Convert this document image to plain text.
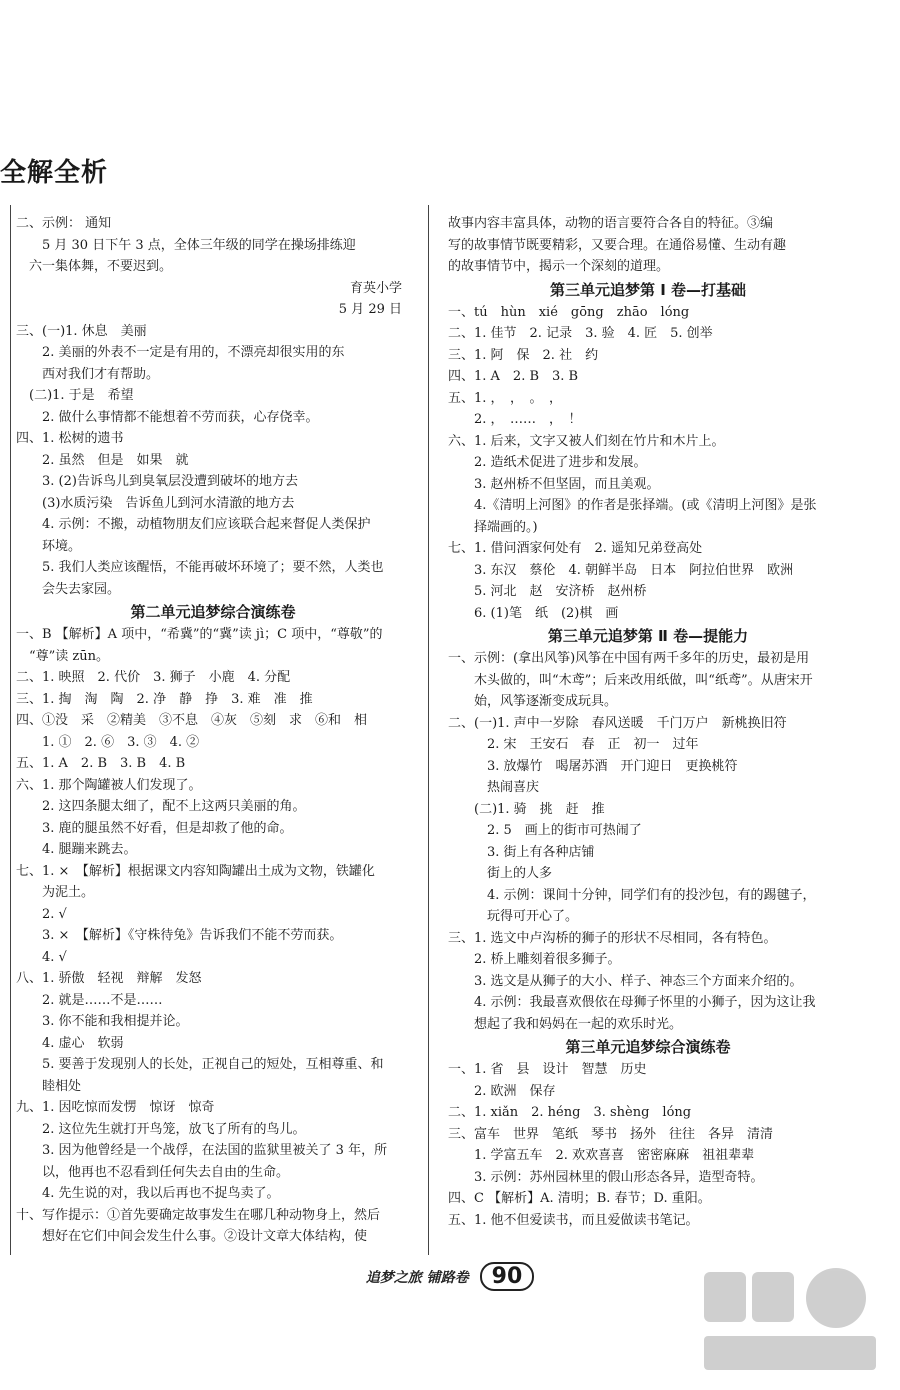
全解全析
二、示例： 通知
　　5 月 30 日下午 3 点，全体三年级的同学在操场排练迎
　六一集体舞，不要迟到。
育英小学
5 月 29 日
三、(一)1. 休息　美丽
　　2. 美丽的外表不一定是有用的，不漂亮却很实用的东
　　西对我们才有帮助。
　(二)1. 于是　希望
　　2. 做什么事情都不能想着不劳而获，心存侥幸。
四、1. 松树的遗书
　　2. 虽然　但是　如果　就
　　3. (2)告诉鸟儿到臭氧层没遭到破坏的地方去
　　(3)水质污染　告诉鱼儿到河水清澈的地方去
　　4. 示例：不搬，动植物朋友们应该联合起来督促人类保护
　　环境。
　　5. 我们人类应该醒悟，不能再破坏环境了；要不然，人类也
　　会失去家园。
第二单元追梦综合演练卷
一、B 【解析】A 项中，“希冀”的“冀”读 jì；C 项中，“尊敬”的
　“尊”读 zūn。
二、1. 映照　2. 代价　3. 狮子　小鹿　4. 分配
三、1. 掏　淘　陶　2. 净　静　挣　3. 难　准　推
四、①没　采　②精美　③不息　④灰　⑤刻　求　⑥和　相
　　1. ①　2. ⑥　3. ③　4. ②
五、1. A　2. B　3. B　4. B
六、1. 那个陶罐被人们发现了。
　　2. 这四条腿太细了，配不上这两只美丽的角。
　　3. 鹿的腿虽然不好看，但是却救了他的命。
　　4. 腿蹦来跳去。
七、1. ×　【解析】根据课文内容知陶罐出土成为文物，铁罐化
　　为泥土。
　　2. √
　　3. ×　【解析】《守株待兔》告诉我们不能不劳而获。
　　4. √
八、1. 骄傲　轻视　辩解　发怒
　　2. 就是……不是……
　　3. 你不能和我相提并论。
　　4. 虚心　软弱
　　5. 要善于发现别人的长处，正视自己的短处，互相尊重、和
　　睦相处
九、1. 因吃惊而发愣　惊讶　惊奇
　　2. 这位先生就打开鸟笼，放飞了所有的鸟儿。
　　3. 因为他曾经是一个战俘，在法国的监狱里被关了 3 年，所
　　以，他再也不忍看到任何失去自由的生命。
　　4. 先生说的对，我以后再也不捉鸟卖了。
十、写作提示：①首先要确定故事发生在哪几种动物身上，然后
　　想好在它们中间会发生什么事。②设计文章大体结构，使
故事内容丰富具体，动物的语言要符合各自的特征。③编
写的故事情节既要精彩，又要合理。在通俗易懂、生动有趣
的故事情节中，揭示一个深刻的道理。
第三单元追梦第 Ⅰ 卷—打基础
一、tú　hùn　xié　gōng　zhāo　lóng
二、1. 佳节　2. 记录　3. 验　4. 匠　5. 创举
三、1. 阿　保　2. 社　约
四、1. A　2. B　3. B
五、1. ，　，　。　，
　　2. ，　……　，　！
六、1. 后来，文字又被人们刻在竹片和木片上。
　　2. 造纸术促进了进步和发展。
　　3. 赵州桥不但坚固，而且美观。
　　4.《清明上河图》的作者是张择端。(或《清明上河图》是张
　　择端画的。)
七、1. 借问酒家何处有　2. 遥知兄弟登高处
　　3. 东汉　蔡伦　4. 朝鲜半岛　日本　阿拉伯世界　欧洲
　　5. 河北　赵　安济桥　赵州桥
　　6. (1)笔　纸　(2)棋　画
第三单元追梦第 Ⅱ 卷—提能力
一、示例：(拿出风筝)风筝在中国有两千多年的历史，最初是用
　　木头做的，叫“木鸢”；后来改用纸做，叫“纸鸢”。从唐宋开
　　始，风筝逐渐变成玩具。
二、(一)1. 声中一岁除　春风送暖　千门万户　新桃换旧符
　　　2. 宋　王安石　春　正　初一　过年
　　　3. 放爆竹　喝屠苏酒　开门迎日　更换桃符
　　　热闹喜庆
　　(二)1. 骑　挑　赶　推
　　　2. 5　画上的街市可热闹了
　　　3. 街上有各种店铺
　　　街上的人多
　　　4. 示例：课间十分钟，同学们有的投沙包，有的踢毽子，
　　　玩得可开心了。
三、1. 选文中卢沟桥的狮子的形状不尽相同，各有特色。
　　2. 桥上雕刻着很多狮子。
　　3. 选文是从狮子的大小、样子、神态三个方面来介绍的。
　　4. 示例：我最喜欢偎依在母狮子怀里的小狮子，因为这让我
　　想起了我和妈妈在一起的欢乐时光。
第三单元追梦综合演练卷
一、1. 省　县　设计　智慧　历史
　　2. 欧洲　保存
二、1. xiǎn　2. héng　3. shèng　lóng
三、富车　世界　笔纸　琴书　扬外　往往　各异　清清
　　1. 学富五车　2. 欢欢喜喜　密密麻麻　祖祖辈辈
　　3. 示例：苏州园林里的假山形态各异，造型奇特。
四、C 【解析】A. 清明；B. 春节；D. 重阳。
五、1. 他不但爱读书，而且爱做读书笔记。
追梦之旅 铺路卷 90
